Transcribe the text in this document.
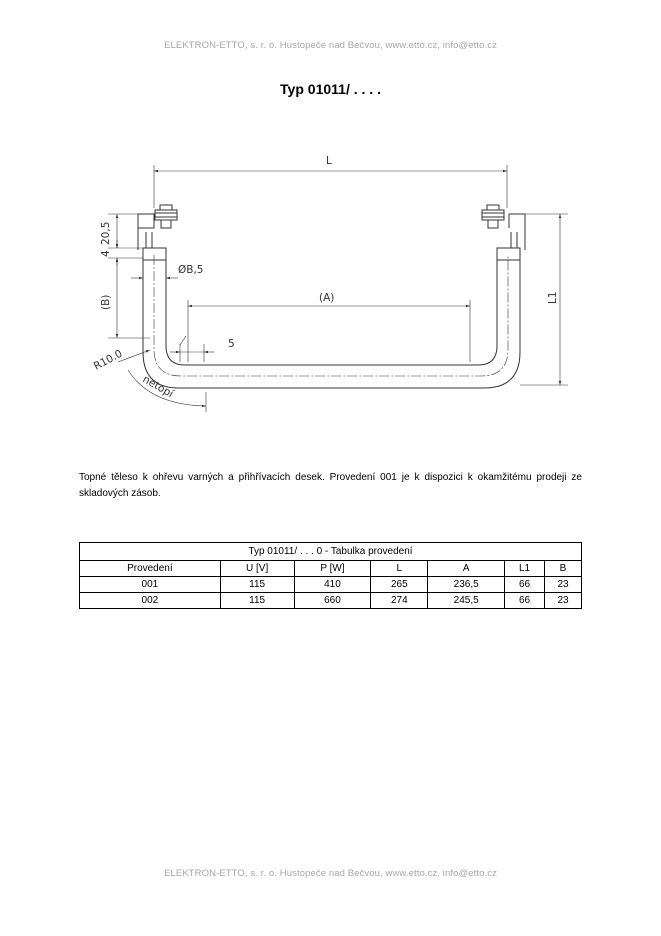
ELEKTRON-ETTO, s. r. o. Hustopeče nad Bečvou, www.etto.cz, info@etto.cz
Typ 01011/ . . . .
L
(A)	L1
(B)
20,5
4
ØB,5
R10.0
5
netopí
Topné těleso k ohřevu varných a přihřívacích desek. Provedení 001 je k dispozici k okamžitému prodeji ze skladových zásob.
Typ 01011/ . . . 0 - Tabulka provedení						
Provedení	U [V]	P [W]	L	A	L1	B
001	115	410	265	236,5	66	23
002	115	660	274	245,5	66	23
ELEKTRON-ETTO, s. r. o. Hustopeče nad Bečvou, www.etto.cz, info@etto.cz
